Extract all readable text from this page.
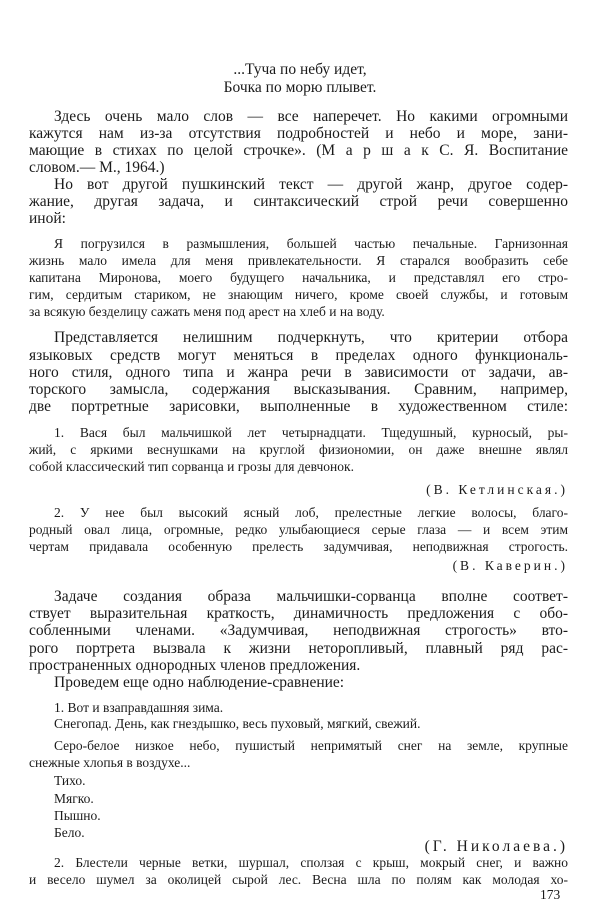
...Туча по небу идет,
Бочка по морю плывет.
Здесь очень мало слов — все наперечет. Но какими огромными
кажутся нам из-за отсутствия подробностей и небо и море, зани-
мающие в стихах по целой строчке». (М а р ш а к С. Я. Воспитание
словом.— М., 1964.)
Но вот другой пушкинский текст — другой жанр, другое содер-
жание, другая задача, и синтаксический строй речи совершенно
иной:
Я погрузился в размышления, большей частью печальные. Гарнизонная
жизнь мало имела для меня привлекательности. Я старался вообразить себе
капитана Миронова, моего будущего начальника, и представлял его стро-
гим, сердитым стариком, не знающим ничего, кроме своей службы, и готовым
за всякую безделицу сажать меня под арест на хлеб и на воду.
Представляется нелишним подчеркнуть, что критерии отбора
языковых средств могут меняться в пределах одного функциональ-
ного стиля, одного типа и жанра речи в зависимости от задачи, ав-
торского замысла, содержания высказывания. Сравним, например,
две портретные зарисовки, выполненные в художественном стиле:
1. Вася был мальчишкой лет четырнадцати. Тщедушный, курносый, ры-
жий, с яркими веснушками на круглой физиономии, он даже внешне являл
собой классический тип сорванца и грозы для девчонок.
(В. Кетлинская.)
2. У нее был высокий ясный лоб, прелестные легкие волосы, благо-
родный овал лица, огромные, редко улыбающиеся серые глаза — и всем этим
чертам придавала особенную прелесть задумчивая, неподвижная строгость.
(В. Каверин.)
Задаче создания образа мальчишки-сорванца вполне соответ-
ствует выразительная краткость, динамичность предложения с обо-
собленными членами. «Задумчивая, неподвижная строгость» вто-
рого портрета вызвала к жизни неторопливый, плавный ряд рас-
пространенных однородных членов предложения.
Проведем еще одно наблюдение-сравнение:
1. Вот и взаправдашняя зима.
Снегопад. День, как гнездышко, весь пуховый, мягкий, свежий.
Серо-белое низкое небо, пушистый непримятый снег на земле, крупные
снежные хлопья в воздухе...
Тихо.
Мягко.
Пышно.
Бело.
(Г. Николаева.)
2. Блестели черные ветки, шуршал, сползая с крыш, мокрый снег, и важно
и весело шумел за околицей сырой лес. Весна шла по полям как молодая хо-
173
